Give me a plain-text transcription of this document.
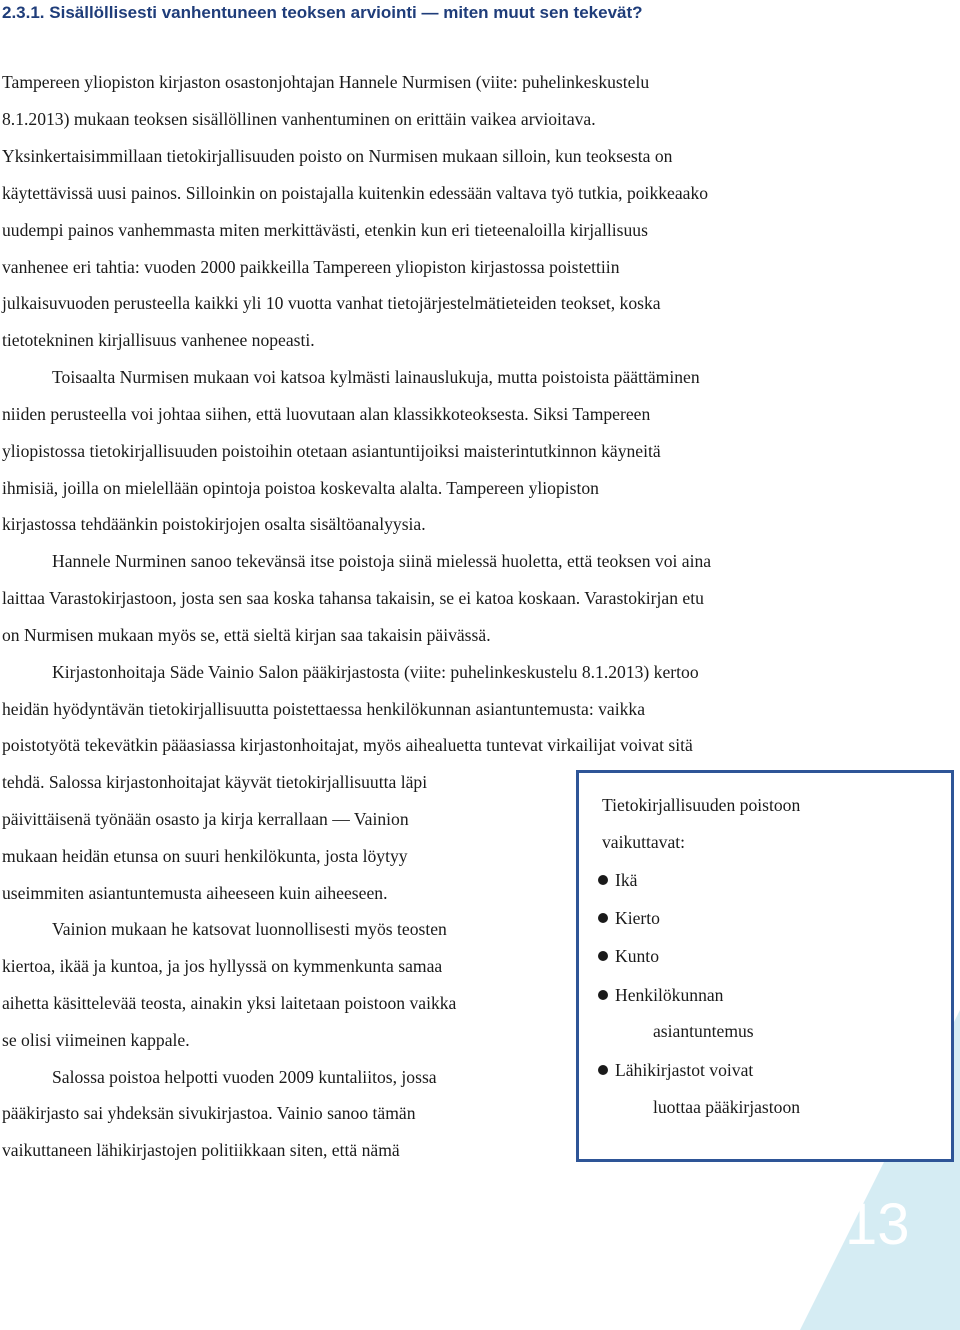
13
2.3.1. Sisällöllisesti vanhentuneen teoksen arviointi — miten muut sen tekevät?

Tampereen yliopiston kirjaston osastonjohtajan Hannele Nurmisen (viite: puhelinkeskustelu

8.1.2013) mukaan teoksen sisällöllinen vanhentuminen on erittäin vaikea arvioitava.

Yksinkertaisimmillaan tietokirjallisuuden poisto on Nurmisen mukaan silloin, kun teoksesta on

käytettävissä uusi painos. Silloinkin on poistajalla kuitenkin edessään valtava työ tutkia, poikkeaako

uudempi painos vanhemmasta miten merkittävästi, etenkin kun eri tieteenaloilla kirjallisuus

vanhenee eri tahtia: vuoden 2000 paikkeilla Tampereen yliopiston kirjastossa poistettiin

julkaisuvuoden perusteella kaikki yli 10 vuotta vanhat tietojärjestelmätieteiden teokset, koska

tietotekninen kirjallisuus vanhenee nopeasti.

Toisaalta Nurmisen mukaan voi katsoa kylmästi lainauslukuja, mutta poistoista päättäminen

niiden perusteella voi johtaa siihen, että luovutaan alan klassikkoteoksesta. Siksi Tampereen

yliopistossa tietokirjallisuuden poistoihin otetaan asiantuntijoiksi maisterintutkinnon käyneitä

ihmisiä, joilla on mielellään opintoja poistoa koskevalta alalta. Tampereen yliopiston

kirjastossa tehdäänkin poistokirjojen osalta sisältöanalyysia.

Hannele Nurminen sanoo tekevänsä itse poistoja siinä mielessä huoletta, että teoksen voi aina

laittaa Varastokirjastoon, josta sen saa koska tahansa takaisin, se ei katoa koskaan. Varastokirjan etu

on Nurmisen mukaan myös se, että sieltä kirjan saa takaisin päivässä.

Kirjastonhoitaja Säde Vainio Salon pääkirjastosta (viite: puhelinkeskustelu 8.1.2013) kertoo

heidän hyödyntävän tietokirjallisuutta poistettaessa henkilökunnan asiantuntemusta: vaikka

poistotyötä tekevätkin pääasiassa kirjastonhoitajat, myös aihealuetta tuntevat virkailijat voivat sitä

tehdä. Salossa kirjastonhoitajat käyvät tietokirjallisuutta läpi

päivittäisenä työnään osasto ja kirja kerrallaan — Vainion

mukaan heidän etunsa on suuri henkilökunta, josta löytyy

useimmiten asiantuntemusta aiheeseen kuin aiheeseen.

Vainion mukaan he katsovat luonnollisesti myös teosten

kiertoa, ikää ja kuntoa, ja jos hyllyssä on kymmenkunta samaa

aihetta käsittelevää teosta, ainakin yksi laitetaan poistoon vaikka

se olisi viimeinen kappale.

Salossa poistoa helpotti vuoden 2009 kuntaliitos, jossa

pääkirjasto sai yhdeksän sivukirjastoa. Vainio sanoo tämän

vaikuttaneen lähikirjastojen politiikkaan siten, että nämä

Tietokirjallisuuden poistoon
vaikuttavat:
Ikä
Kierto
Kunto
Henkilökunnan
Lähikirjastot voivat
asiantuntemus
luottaa pääkirjastoon
